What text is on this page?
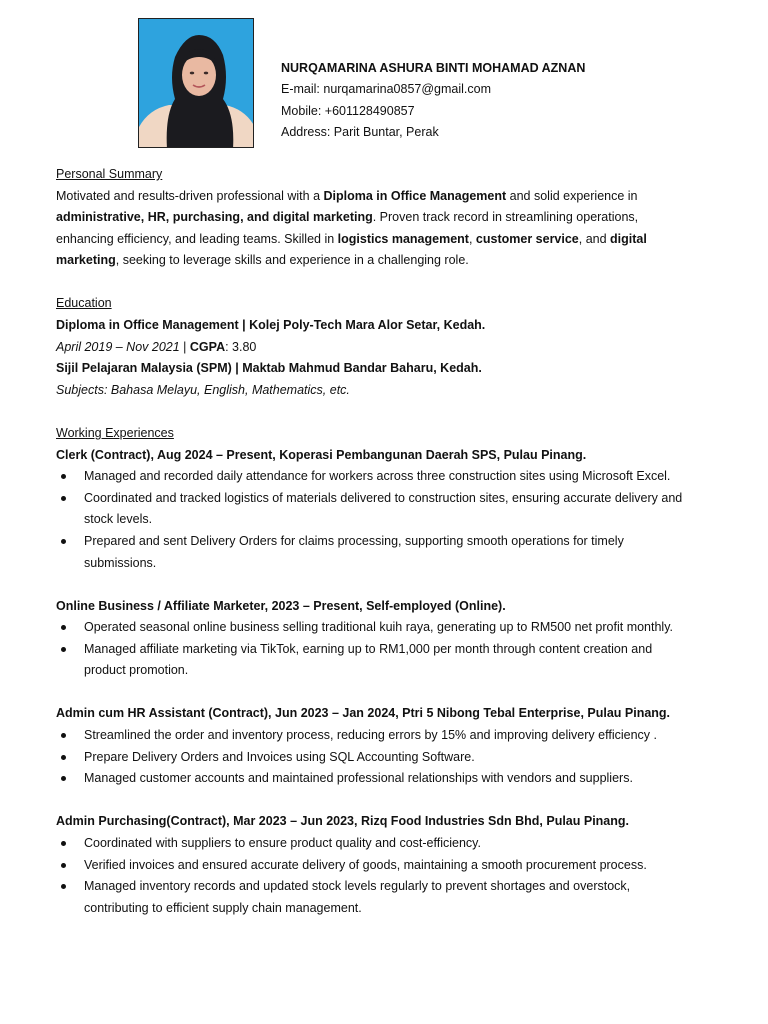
NURQAMARINA ASHURA BINTI MOHAMAD AZNAN
E-mail: nurqamarina0857@gmail.com
Mobile: +601128490857
Address: Parit Buntar, Perak
Personal Summary

Motivated and results-driven professional with a Diploma in Office Management and solid experience in administrative, HR, purchasing, and digital marketing. Proven track record in streamlining operations, enhancing efficiency, and leading teams. Skilled in logistics management, customer service, and digital marketing, seeking to leverage skills and experience in a challenging role.

Education

Diploma in Office Management | Kolej Poly-Tech Mara Alor Setar, Kedah.

April 2019 – Nov 2021 | CGPA: 3.80

Sijil Pelajaran Malaysia (SPM) | Maktab Mahmud Bandar Baharu, Kedah.

Subjects: Bahasa Melayu, English, Mathematics, etc.

Working Experiences

Clerk (Contract), Aug 2024 – Present, Koperasi Pembangunan Daerah SPS, Pulau Pinang.

Managed and recorded daily attendance for workers across three construction sites using Microsoft Excel.
Coordinated and tracked logistics of materials delivered to construction sites, ensuring accurate delivery and stock levels.
Prepared and sent Delivery Orders for claims processing, supporting smooth operations for timely submissions.

Online Business / Affiliate Marketer, 2023 – Present, Self-employed (Online).

Operated seasonal online business selling traditional kuih raya, generating up to RM500 net profit monthly.
Managed affiliate marketing via TikTok, earning up to RM1,000 per month through content creation and product promotion.

Admin cum HR Assistant (Contract), Jun 2023 – Jan 2024, Ptri 5 Nibong Tebal Enterprise, Pulau Pinang.

Streamlined the order and inventory process, reducing errors by 15% and improving delivery efficiency .
Prepare Delivery Orders and Invoices using SQL Accounting Software.
Managed customer accounts and maintained professional relationships with vendors and suppliers.

Admin Purchasing(Contract), Mar 2023 – Jun 2023, Rizq Food Industries Sdn Bhd, Pulau Pinang.

Coordinated with suppliers to ensure product quality and cost-efficiency.
Verified invoices and ensured accurate delivery of goods, maintaining a smooth procurement process.
Managed inventory records and updated stock levels regularly to prevent shortages and overstock, contributing to efficient supply chain management.
